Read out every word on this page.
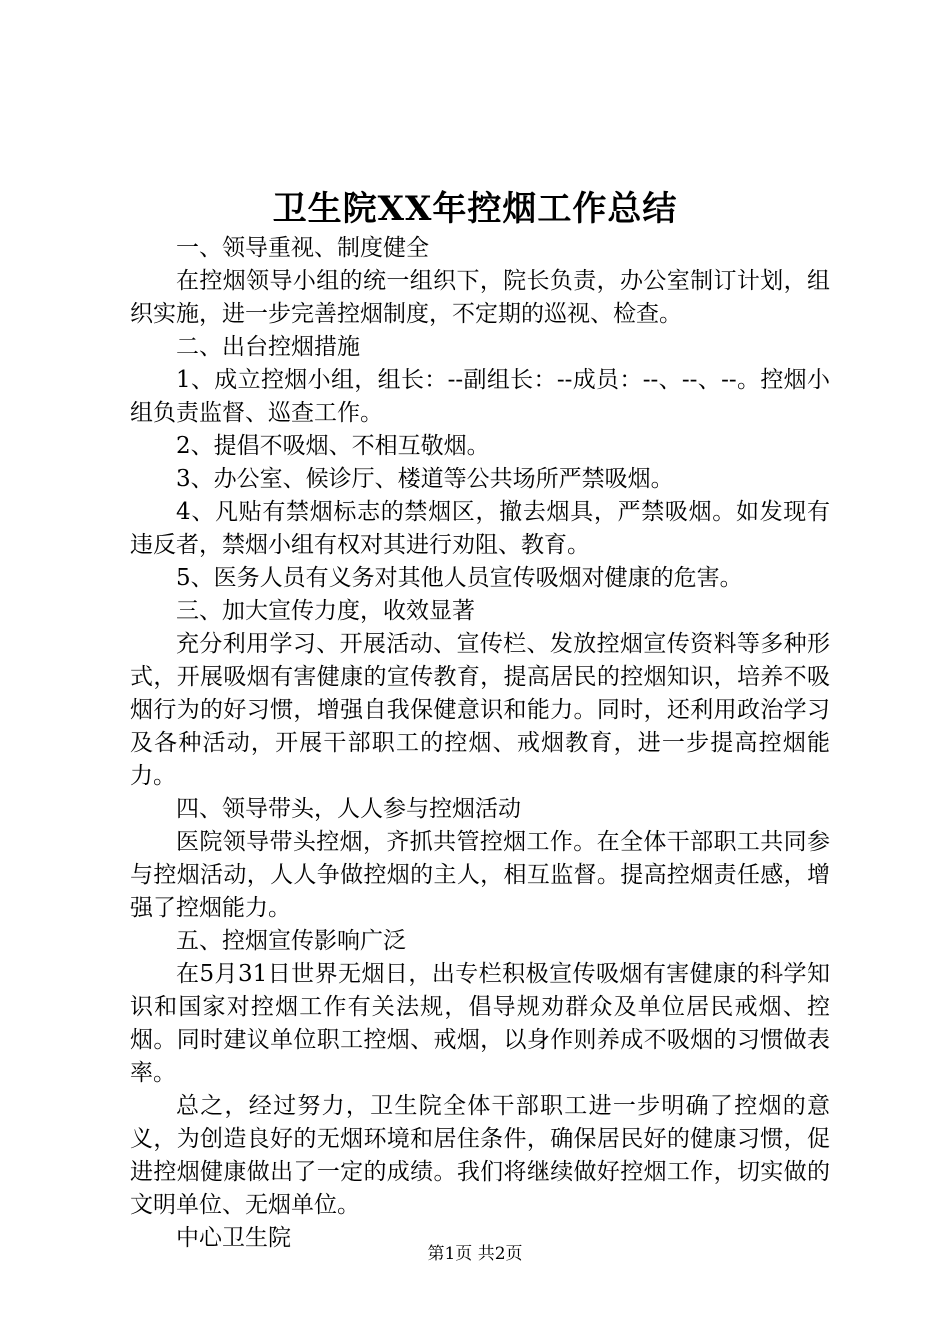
卫生院XX年控烟工作总结

一、领导重视、制度健全

在控烟领导小组的统一组织下，院长负责，办公室制订计划，组织实施，进一步完善控烟制度，不定期的巡视、检查。

二、出台控烟措施

1、成立控烟小组，组长：--副组长：--成员：--、--、--。控烟小组负责监督、巡查工作。

2、提倡不吸烟、不相互敬烟。

3、办公室、候诊厅、楼道等公共场所严禁吸烟。

4、凡贴有禁烟标志的禁烟区，撤去烟具，严禁吸烟。如发现有违反者，禁烟小组有权对其进行劝阻、教育。

5、医务人员有义务对其他人员宣传吸烟对健康的危害。

三、加大宣传力度，收效显著

充分利用学习、开展活动、宣传栏、发放控烟宣传资料等多种形式，开展吸烟有害健康的宣传教育，提高居民的控烟知识，培养不吸烟行为的好习惯，增强自我保健意识和能力。同时，还利用政治学习及各种活动，开展干部职工的控烟、戒烟教育，进一步提高控烟能力。

四、领导带头，人人参与控烟活动

医院领导带头控烟，齐抓共管控烟工作。在全体干部职工共同参与控烟活动，人人争做控烟的主人，相互监督。提高控烟责任感，增强了控烟能力。

五、控烟宣传影响广泛

在5月31日世界无烟日，出专栏积极宣传吸烟有害健康的科学知识和国家对控烟工作有关法规，倡导规劝群众及单位居民戒烟、控烟。同时建议单位职工控烟、戒烟，以身作则养成不吸烟的习惯做表率。

总之，经过努力，卫生院全体干部职工进一步明确了控烟的意义，为创造良好的无烟环境和居住条件，确保居民好的健康习惯，促进控烟健康做出了一定的成绩。我们将继续做好控烟工作，切实做的文明单位、无烟单位。

中心卫生院

第1页 共2页
